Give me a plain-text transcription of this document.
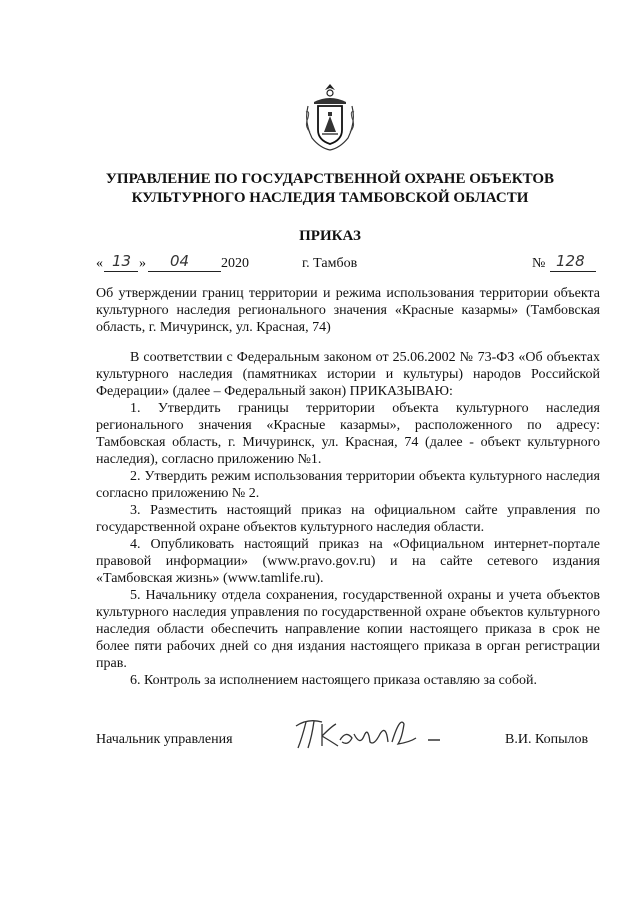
УПРАВЛЕНИЕ ПО ГОСУДАРСТВЕННОЙ ОХРАНЕ ОБЪЕКТОВ КУЛЬТУРНОГО НАСЛЕДИЯ ТАМБОВСКОЙ ОБЛАСТИ
ПРИКАЗ
« 13 » 04 2020	г. Тамбов	№ 128
Об утверждении границ территории и режима использования территории объекта культурного наследия регионального значения «Красные казармы» (Тамбовская область, г. Мичуринск, ул. Красная, 74)

В соответствии с Федеральным законом от 25.06.2002 № 73-ФЗ «Об объектах культурного наследия (памятниках истории и культуры) народов Российской Федерации» (далее – Федеральный закон) ПРИКАЗЫВАЮ:

1. Утвердить границы территории объекта культурного наследия регионального значения «Красные казармы», расположенного по адресу: Тамбовская область, г. Мичуринск, ул. Красная, 74 (далее - объект культурного наследия), согласно приложению №1.

2. Утвердить режим использования территории объекта культурного наследия согласно приложению № 2.

3. Разместить настоящий приказ на официальном сайте управления по государственной охране объектов культурного наследия области.

4. Опубликовать настоящий приказ на «Официальном интернет-портале правовой информации» (www.pravo.gov.ru) и на сайте сетевого издания «Тамбовская жизнь» (www.tamlife.ru).

5. Начальнику отдела сохранения, государственной охраны и учета объектов культурного наследия управления по государственной охране объектов культурного наследия области обеспечить направление копии настоящего приказа в срок не более пяти рабочих дней со дня издания настоящего приказа в орган регистрации прав.

6. Контроль за исполнением настоящего приказа оставляю за собой.

Начальник управления	В.И. Копылов
